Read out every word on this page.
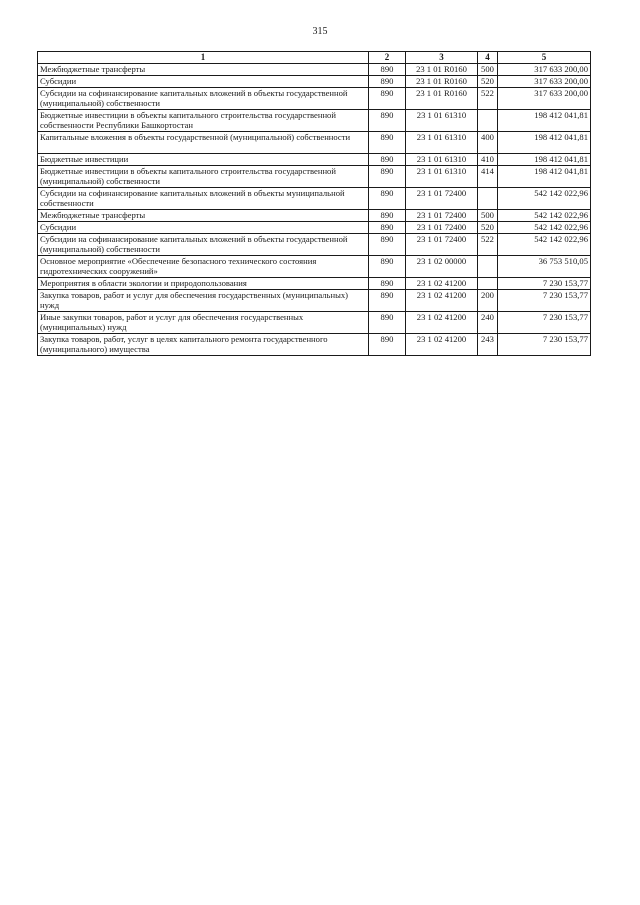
315
1	2	3	4	5
Межбюджетные трансферты	890	23 1 01 R0160	500	317 633 200,00
Субсидии	890	23 1 01 R0160	520	317 633 200,00
Субсидии на софинансирование капитальных вложений в объекты государственной (муниципальной) собственности	890	23 1 01 R0160	522	317 633 200,00
Бюджетные инвестиции в объекты капитального строительства государственной собственности Республики Башкортостан	890	23 1 01 61310		198 412 041,81
Капитальные вложения в объекты государственной (муниципальной) собственности	890	23 1 01 61310	400	198 412 041,81
Бюджетные инвестиции	890	23 1 01 61310	410	198 412 041,81
Бюджетные инвестиции в объекты капитального строительства государственной (муниципальной) собственности	890	23 1 01 61310	414	198 412 041,81
Субсидии на софинансирование капитальных вложений в объекты муниципальной собственности	890	23 1 01 72400		542 142 022,96
Межбюджетные трансферты	890	23 1 01 72400	500	542 142 022,96
Субсидии	890	23 1 01 72400	520	542 142 022,96
Субсидии на софинансирование капитальных вложений в объекты государственной (муниципальной) собственности	890	23 1 01 72400	522	542 142 022,96
Основное мероприятие «Обеспечение безопасного технического состояния гидротехнических сооружений»	890	23 1 02 00000		36 753 510,05
Мероприятия в области экологии и природопользования	890	23 1 02 41200		7 230 153,77
Закупка товаров, работ и услуг для обеспечения государственных (муниципальных) нужд	890	23 1 02 41200	200	7 230 153,77
Иные закупки товаров, работ и услуг для обеспечения государственных (муниципальных) нужд	890	23 1 02 41200	240	7 230 153,77
Закупка товаров, работ, услуг в целях капитального ремонта государственного (муниципального) имущества	890	23 1 02 41200	243	7 230 153,77
